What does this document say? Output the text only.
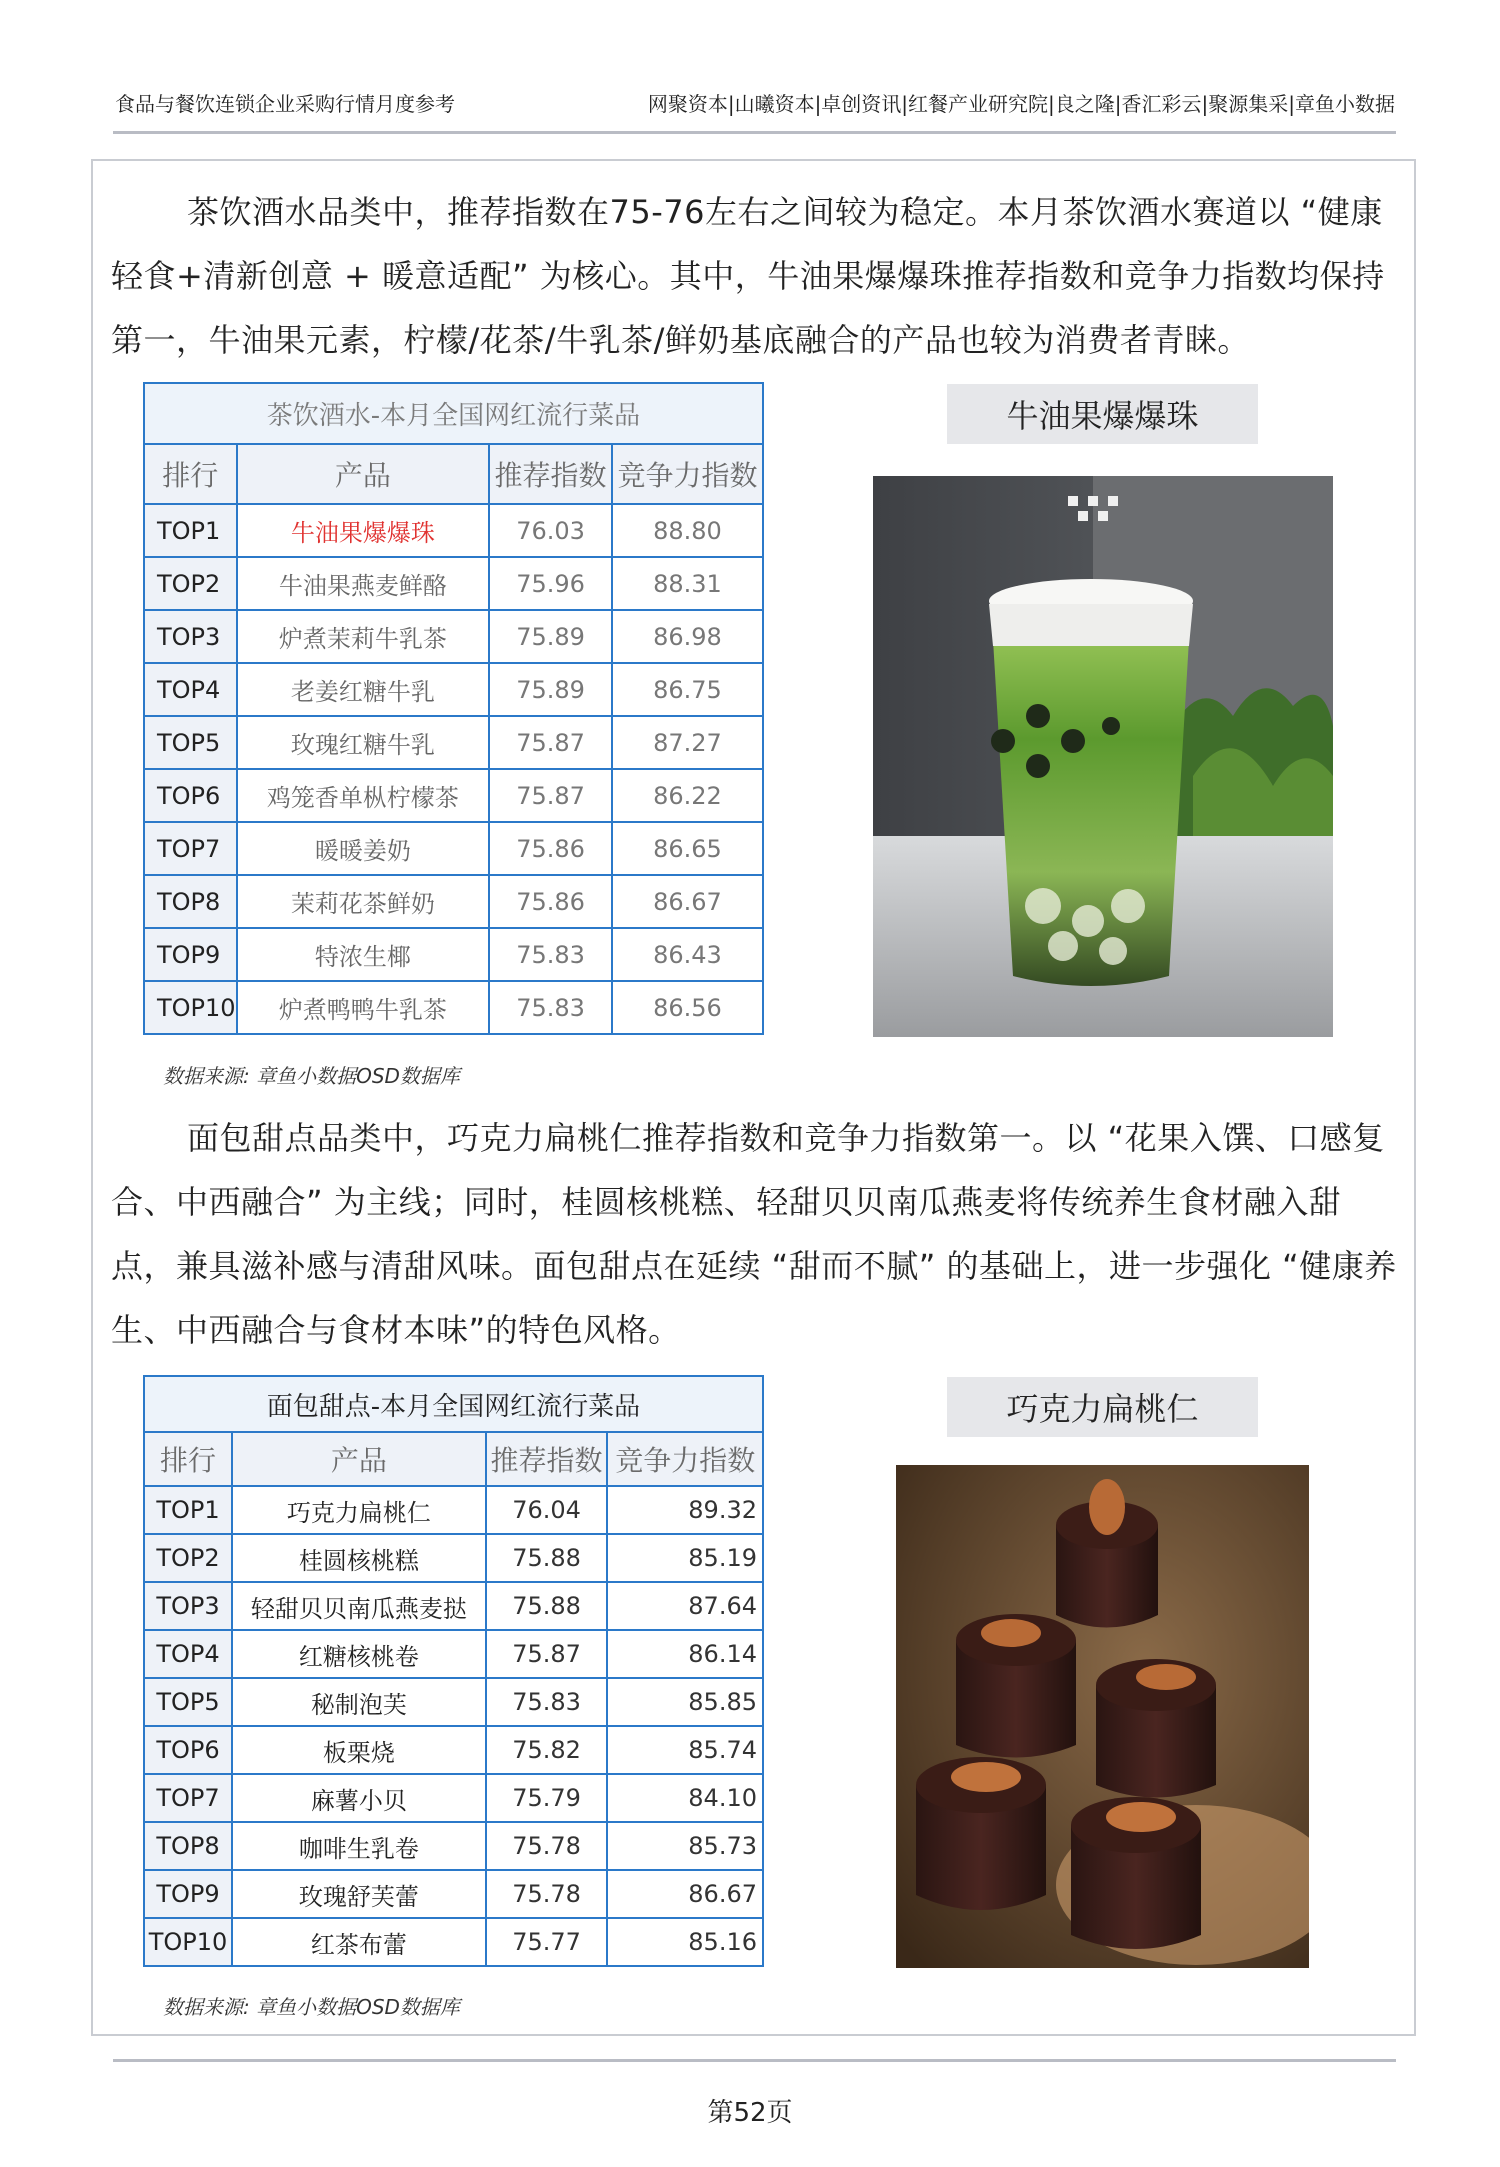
食品与餐饮连锁企业采购行情月度参考	网聚资本|山曦资本|卓创资讯|红餐产业研究院|良之隆|香汇彩云|聚源集采|章鱼小数据

茶饮酒水品类中，推荐指数在75-76左右之间较为稳定。本月茶饮酒水赛道以 “健康轻食+清新创意 + 暖意适配” 为核心。其中，牛油果爆爆珠推荐指数和竞争力指数均保持第一，牛油果元素，柠檬/花茶/牛乳茶/鲜奶基底融合的产品也较为消费者青睐。

茶饮酒水-本月全国网红流行菜品			
排行	产品	推荐指数	竞争力指数
TOP1	牛油果爆爆珠	76.03	88.80
TOP2	牛油果燕麦鲜酪	75.96	88.31
TOP3	炉煮茉莉牛乳茶	75.89	86.98
TOP4	老姜红糖牛乳	75.89	86.75
TOP5	玫瑰红糖牛乳	75.87	87.27
TOP6	鸡笼香单枞柠檬茶	75.87	86.22
TOP7	暖暖姜奶	75.86	86.65
TOP8	茉莉花茶鲜奶	75.86	86.67
TOP9	特浓生椰	75.83	86.43
TOP10	炉煮鸭鸭牛乳茶	75.83	86.56
数据来源: 章鱼小数据OSD数据库
牛油果爆爆珠

面包甜点品类中，巧克力扁桃仁推荐指数和竞争力指数第一。以 “花果入馔、口感复合、中西融合” 为主线；同时，桂圆核桃糕、轻甜贝贝南瓜燕麦将传统养生食材融入甜点，兼具滋补感与清甜风味。面包甜点在延续 “甜而不腻” 的基础上，进一步强化 “健康养生、中西融合与食材本味”的特色风格。

面包甜点-本月全国网红流行菜品			
排行	产品	推荐指数	竞争力指数
TOP1	巧克力扁桃仁	76.04	89.32
TOP2	桂圆核桃糕	75.88	85.19
TOP3	轻甜贝贝南瓜燕麦挞	75.88	87.64
TOP4	红糖核桃卷	75.87	86.14
TOP5	秘制泡芙	75.83	85.85
TOP6	板栗烧	75.82	85.74
TOP7	麻薯小贝	75.79	84.10
TOP8	咖啡生乳卷	75.78	85.73
TOP9	玫瑰舒芙蕾	75.78	86.67
TOP10	红茶布蕾	75.77	85.16
数据来源: 章鱼小数据OSD数据库
巧克力扁桃仁
第52页
